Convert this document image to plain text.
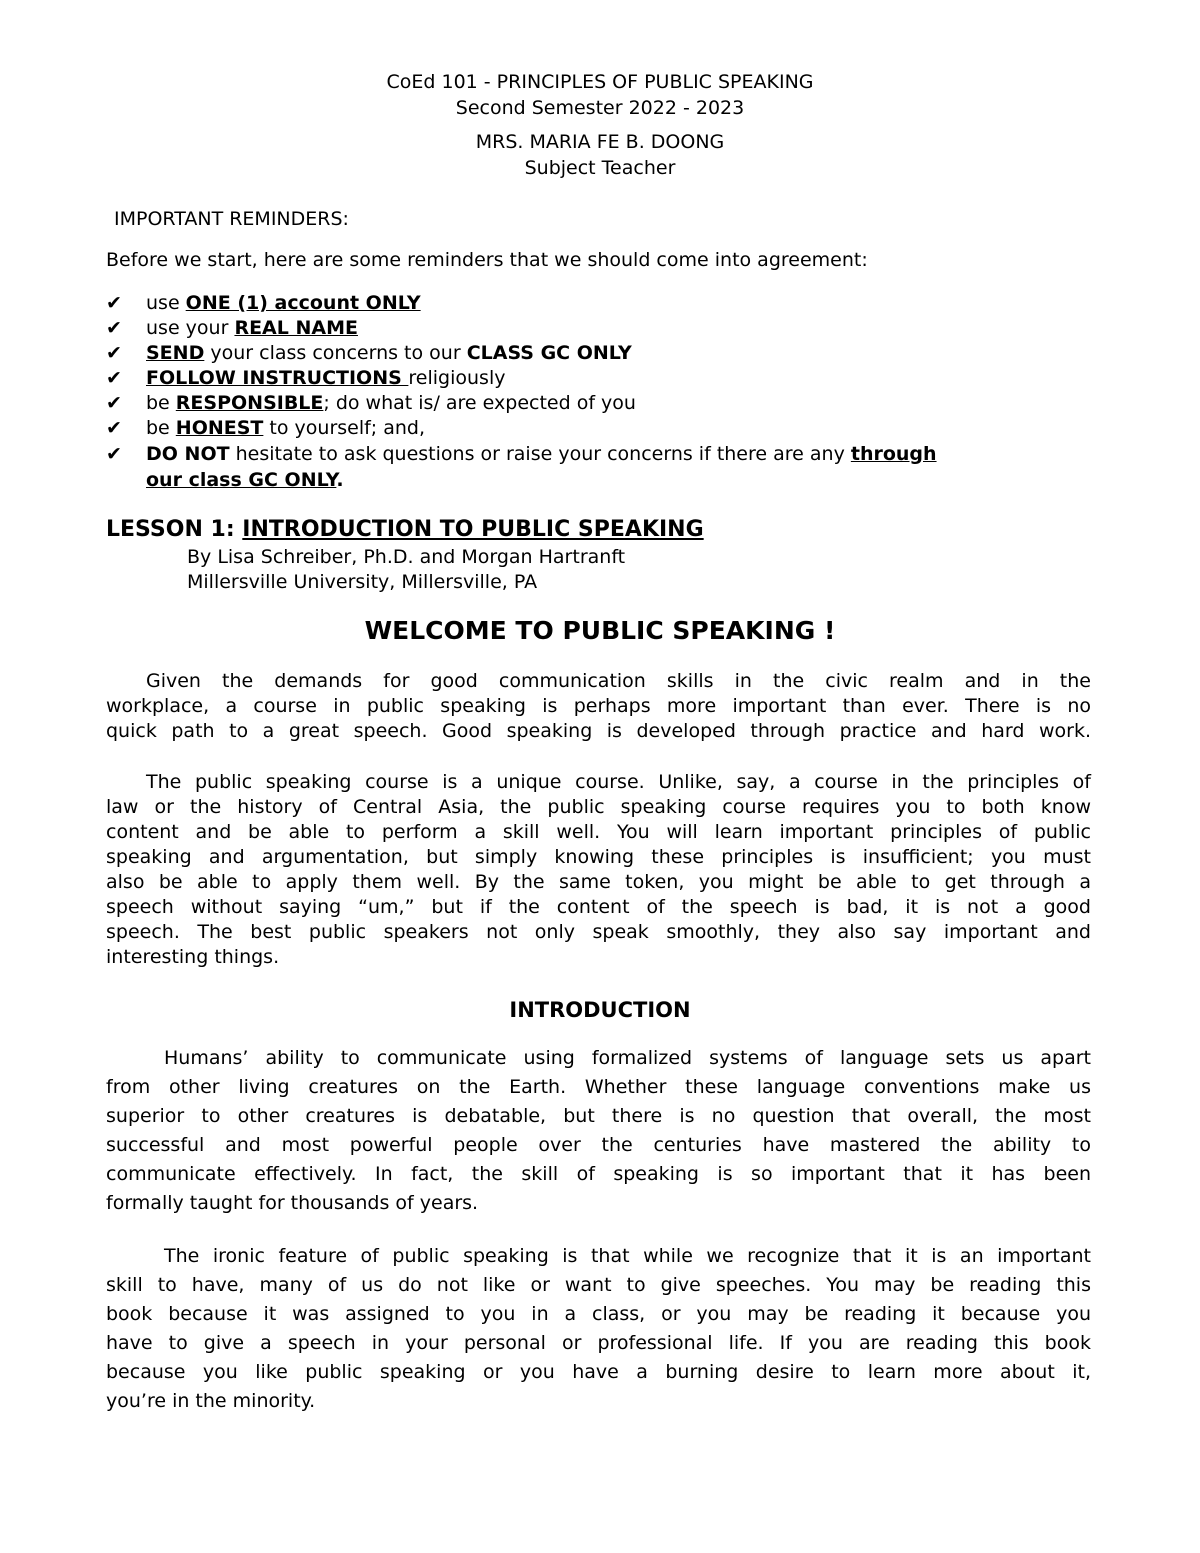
CoEd 101 - PRINCIPLES OF PUBLIC SPEAKING
Second Semester 2022 - 2023
MRS. MARIA FE B. DOONG
Subject Teacher
IMPORTANT REMINDERS:
Before we start, here are some reminders that we should come into agreement:
✔	use ONE (1) account ONLY
✔	use your REAL NAME
✔	SEND your class concerns to our CLASS GC ONLY
✔	FOLLOW INSTRUCTIONS religiously
✔	be RESPONSIBLE; do what is/ are expected of you
✔	be HONEST to yourself; and,
✔	DO NOT hesitate to ask questions or raise your concerns if there are any through
our class GC ONLY.
LESSON 1: INTRODUCTION TO PUBLIC SPEAKING
By Lisa Schreiber, Ph.D. and Morgan Hartranft
Millersville University, Millersville, PA
WELCOME TO PUBLIC SPEAKING !
Given the demands for good communication skills in the civic realm and in the
workplace, a course in public speaking is perhaps more important than ever. There is no
quick path to a great speech. Good speaking is developed through practice and hard work.
The public speaking course is a unique course. Unlike, say, a course in the principles of
law or the history of Central Asia, the public speaking course requires you to both know
content and be able to perform a skill well. You will learn important principles of public
speaking and argumentation, but simply knowing these principles is insufficient; you must
also be able to apply them well. By the same token, you might be able to get through a
speech without saying “um,” but if the content of the speech is bad, it is not a good
speech. The best public speakers not only speak smoothly, they also say important and
interesting things.
INTRODUCTION
Humans’ ability to communicate using formalized systems of language sets us apart
from other living creatures on the Earth. Whether these language conventions make us
superior to other creatures is debatable, but there is no question that overall, the most
successful and most powerful people over the centuries have mastered the ability to
communicate effectively. In fact, the skill of speaking is so important that it has been
formally taught for thousands of years.
The ironic feature of public speaking is that while we recognize that it is an important
skill to have, many of us do not like or want to give speeches. You may be reading this
book because it was assigned to you in a class, or you may be reading it because you
have to give a speech in your personal or professional life. If you are reading this book
because you like public speaking or you have a burning desire to learn more about it,
you’re in the minority.
